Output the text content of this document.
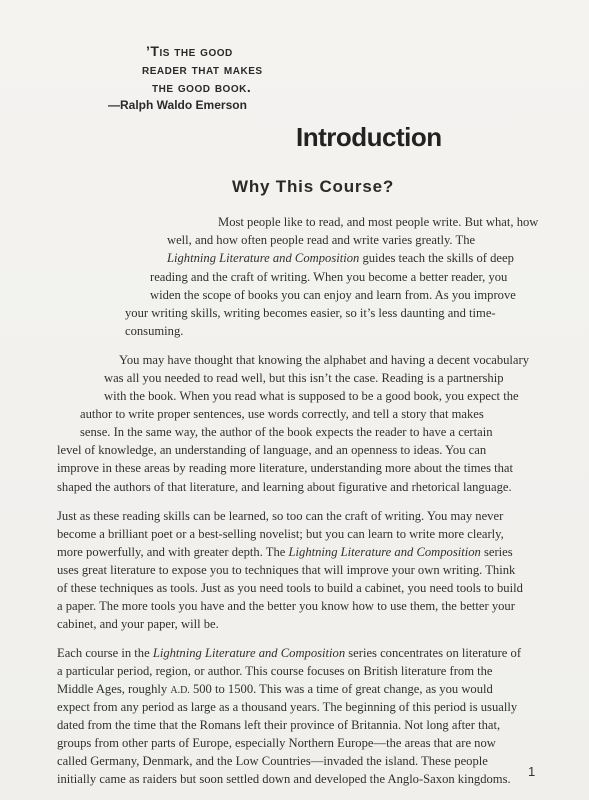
’Tis the good
reader that makes
the good book.
—Ralph Waldo Emerson
Introduction
Why This Course?
Most people like to read, and most people write. But what, how
well, and how often people read and write varies greatly. The
Lightning Literature and Composition guides teach the skills of deep
reading and the craft of writing. When you become a better reader, you
widen the scope of books you can enjoy and learn from. As you improve
your writing skills, writing becomes easier, so it’s less daunting and time-
consuming.
You may have thought that knowing the alphabet and having a decent vocabulary
was all you needed to read well, but this isn’t the case. Reading is a partnership
with the book. When you read what is supposed to be a good book, you expect the
author to write proper sentences, use words correctly, and tell a story that makes
sense. In the same way, the author of the book expects the reader to have a certain
level of knowledge, an understanding of language, and an openness to ideas. You can
improve in these areas by reading more literature, understanding more about the times that
shaped the authors of that literature, and learning about figurative and rhetorical language.
Just as these reading skills can be learned, so too can the craft of writing. You may never
become a brilliant poet or a best-selling novelist; but you can learn to write more clearly,
more powerfully, and with greater depth. The Lightning Literature and Composition series
uses great literature to expose you to techniques that will improve your own writing. Think
of these techniques as tools. Just as you need tools to build a cabinet, you need tools to build
a paper. The more tools you have and the better you know how to use them, the better your
cabinet, and your paper, will be.
Each course in the Lightning Literature and Composition series concentrates on literature of
a particular period, region, or author. This course focuses on British literature from the
Middle Ages, roughly A.D. 500 to 1500. This was a time of great change, as you would
expect from any period as large as a thousand years. The beginning of this period is usually
dated from the time that the Romans left their province of Britannia. Not long after that,
groups from other parts of Europe, especially Northern Europe—the areas that are now
called Germany, Denmark, and the Low Countries—invaded the island. These people
initially came as raiders but soon settled down and developed the Anglo-Saxon kingdoms. 1
